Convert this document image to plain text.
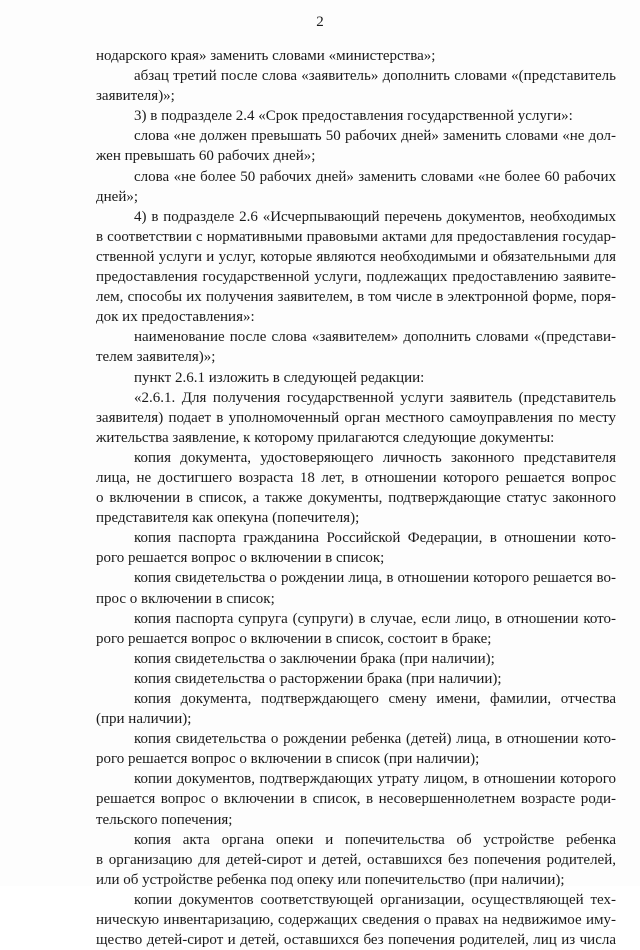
2
нодарского края» заменить словами «министерства»;
абзац третий после слова «заявитель» дополнить словами «(представитель
заявителя)»;
3) в подразделе 2.4 «Срок предоставления государственной услуги»:
слова «не должен превышать 50 рабочих дней» заменить словами «не дол-
жен превышать 60 рабочих дней»;
слова «не более 50 рабочих дней» заменить словами «не более 60 рабочих
дней»;
4) в подразделе 2.6 «Исчерпывающий перечень документов, необходимых
в соответствии с нормативными правовыми актами для предоставления государ-
ственной услуги и услуг, которые являются необходимыми и обязательными для
предоставления государственной услуги, подлежащих предоставлению заявите-
лем, способы их получения заявителем, в том числе в электронной форме, поря-
док их предоставления»:
наименование после слова «заявителем» дополнить словами «(представи-
телем заявителя)»;
пункт 2.6.1 изложить в следующей редакции:
«2.6.1. Для получения государственной услуги заявитель (представитель
заявителя) подает в уполномоченный орган местного самоуправления по месту
жительства заявление, к которому прилагаются следующие документы:
копия документа, удостоверяющего личность законного представителя
лица, не достигшего возраста 18 лет, в отношении которого решается вопрос
о включении в список, а также документы, подтверждающие статус законного
представителя как опекуна (попечителя);
копия паспорта гражданина Российской Федерации, в отношении кото-
рого решается вопрос о включении в список;
копия свидетельства о рождении лица, в отношении которого решается во-
прос о включении в список;
копия паспорта супруга (супруги) в случае, если лицо, в отношении кото-
рого решается вопрос о включении в список, состоит в браке;
копия свидетельства о заключении брака (при наличии);
копия свидетельства о расторжении брака (при наличии);
копия документа, подтверждающего смену имени, фамилии, отчества
(при наличии);
копия свидетельства о рождении ребенка (детей) лица, в отношении кото-
рого решается вопрос о включении в список (при наличии);
копии документов, подтверждающих утрату лицом, в отношении которого
решается вопрос о включении в список, в несовершеннолетнем возрасте роди-
тельского попечения;
копия акта органа опеки и попечительства об устройстве ребенка
в организацию для детей-сирот и детей, оставшихся без попечения родителей,
или об устройстве ребенка под опеку или попечительство (при наличии);
копии документов соответствующей организации, осуществляющей тех-
ническую инвентаризацию, содержащих сведения о правах на недвижимое иму-
щество детей-сирот и детей, оставшихся без попечения родителей, лиц из числа
